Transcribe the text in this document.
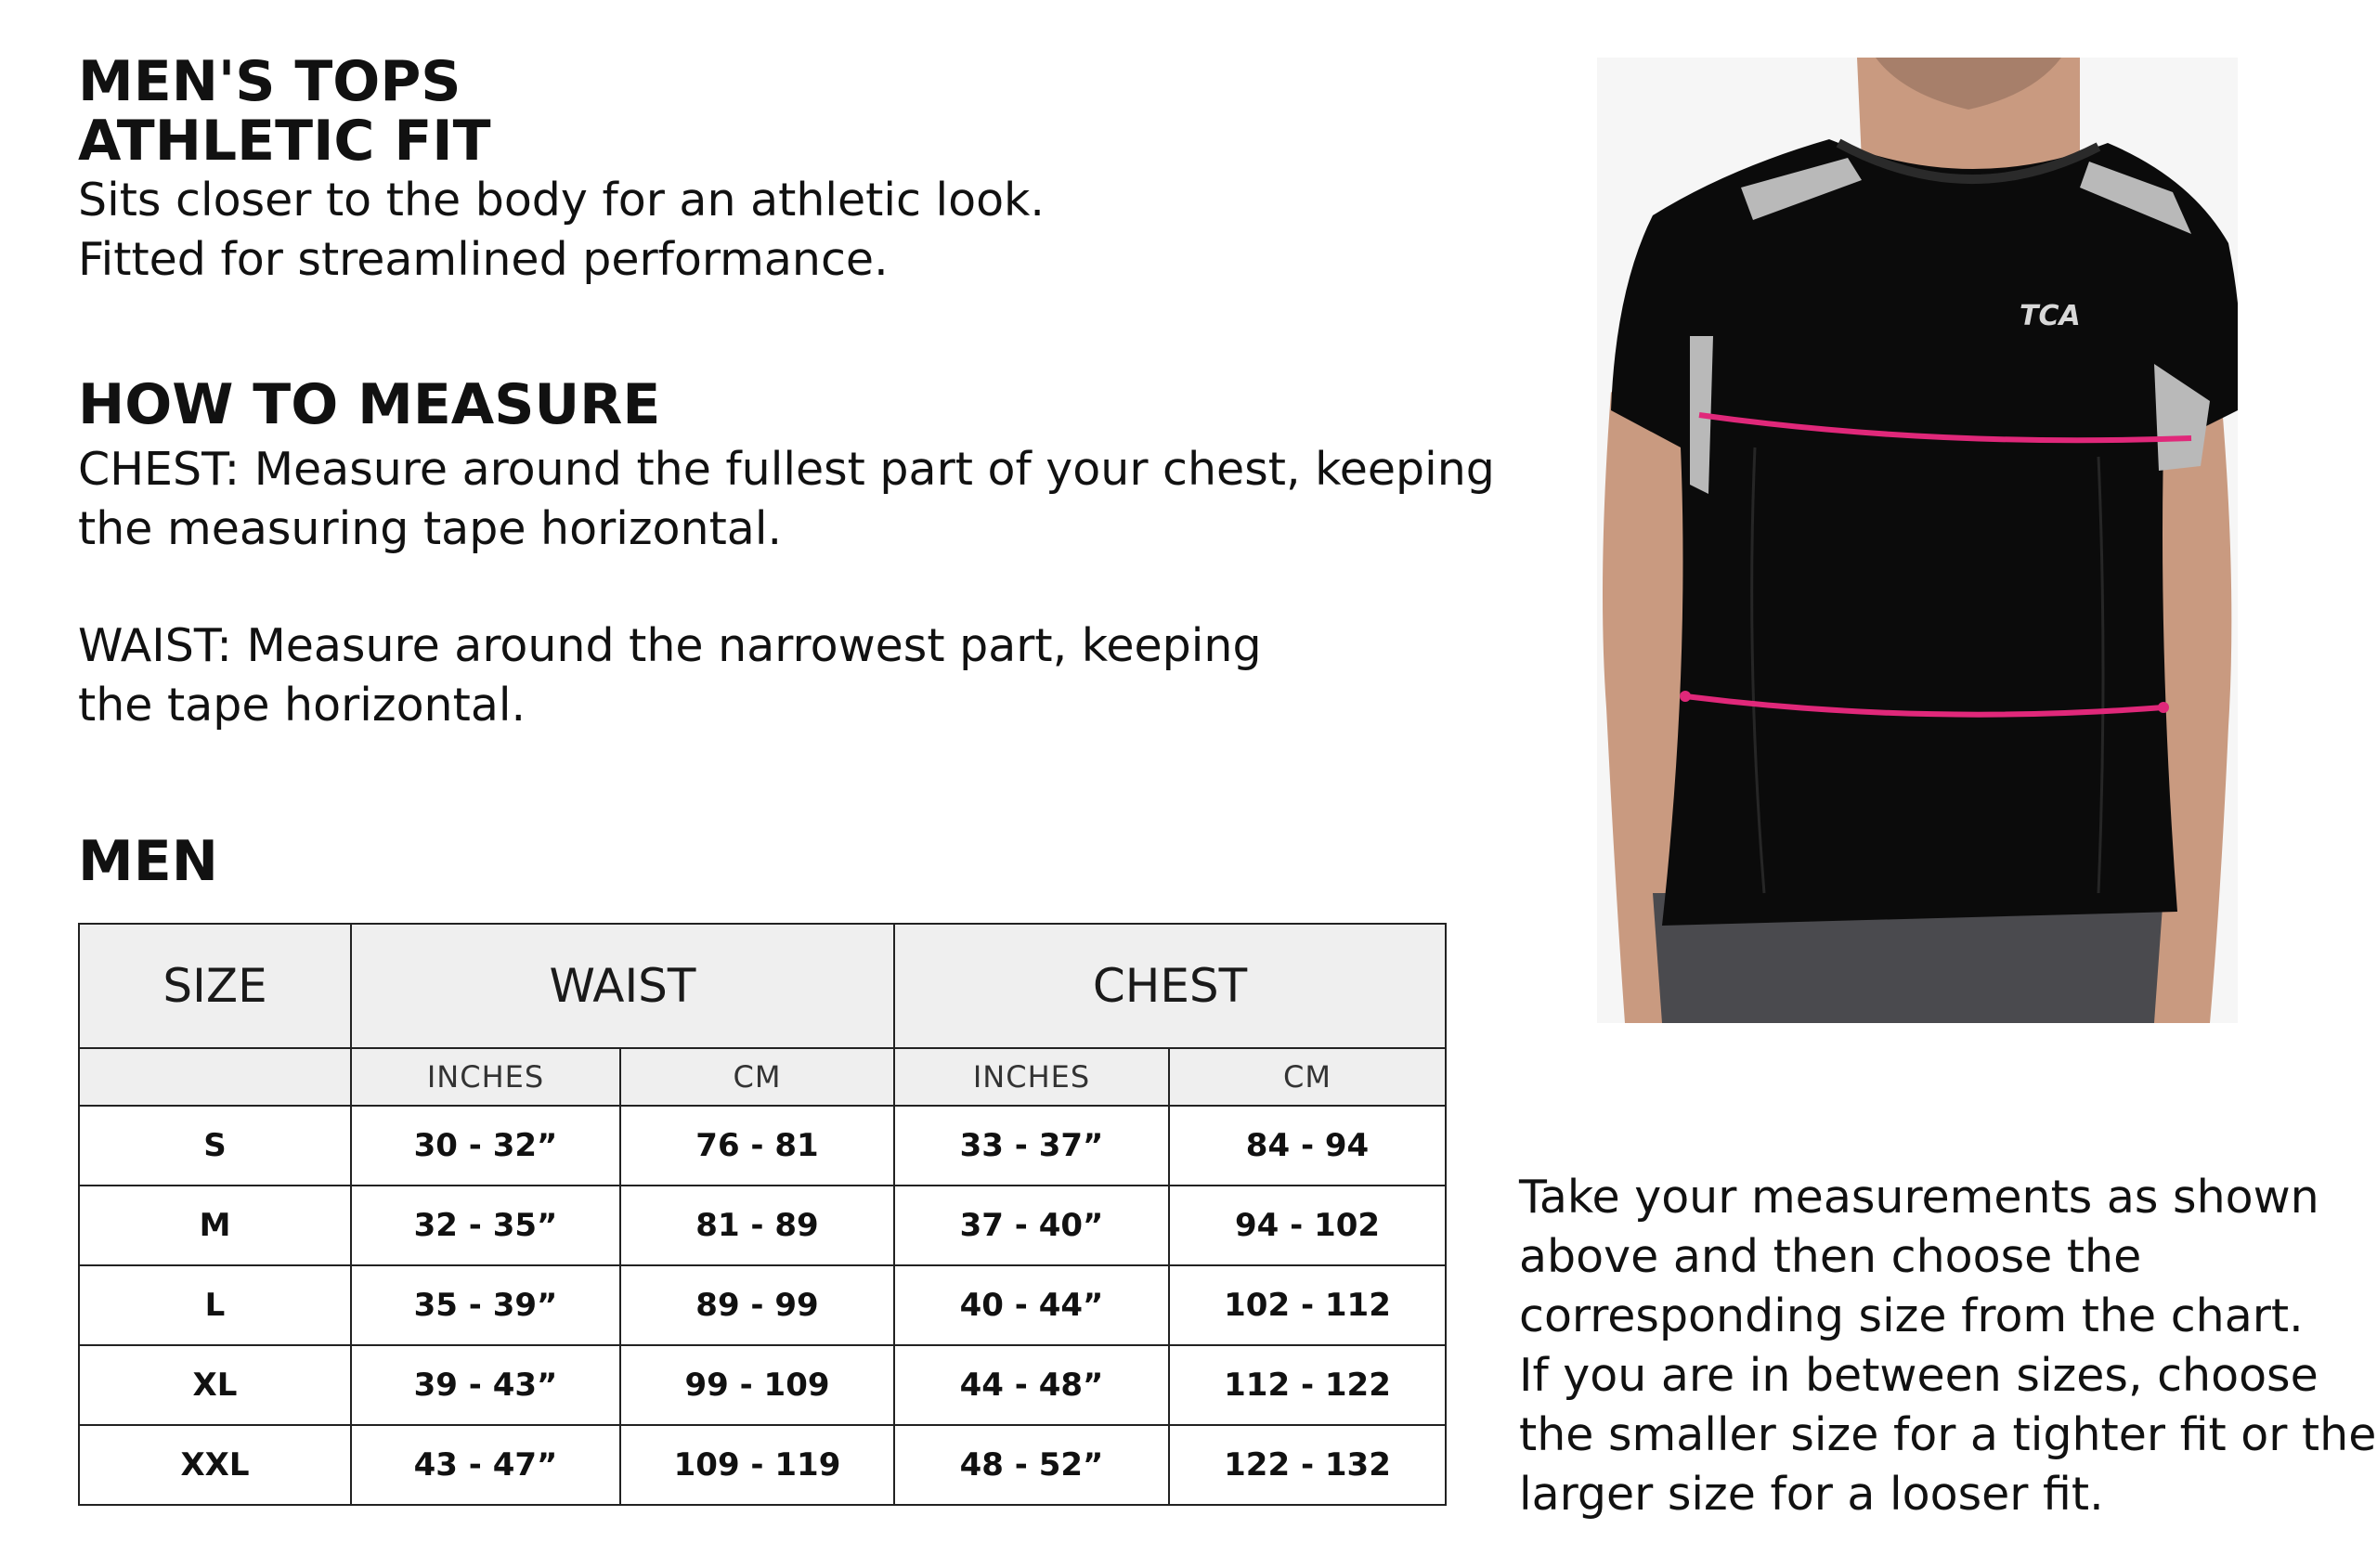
MEN'S TOPS
ATHLETIC FIT

Sits closer to the body for an athletic look.
Fitted for streamlined performance.

HOW TO MEASURE

CHEST: Measure around the fullest part of your chest, keeping
the measuring tape horizontal.

WAIST: Measure around the narrowest part, keeping
the tape horizontal.

MEN
SIZE	WAIST		CHEST	
	INCHES	CM	INCHES	CM
S	30 - 32”	76 - 81	33 - 37”	84 - 94
M	32 - 35”	81 - 89	37 - 40”	94 - 102
L	35 - 39”	89 - 99	40 - 44”	102 - 112
XL	39 - 43”	99 - 109	44 - 48”	112 - 122
XXL	43 - 47”	109 - 119	48 - 52”	122 - 132
TCA

Take your measurements as shown
above and then choose the
corresponding size from the chart.
If you are in between sizes, choose
the smaller size for a tighter fit or the
larger size for a looser fit.
